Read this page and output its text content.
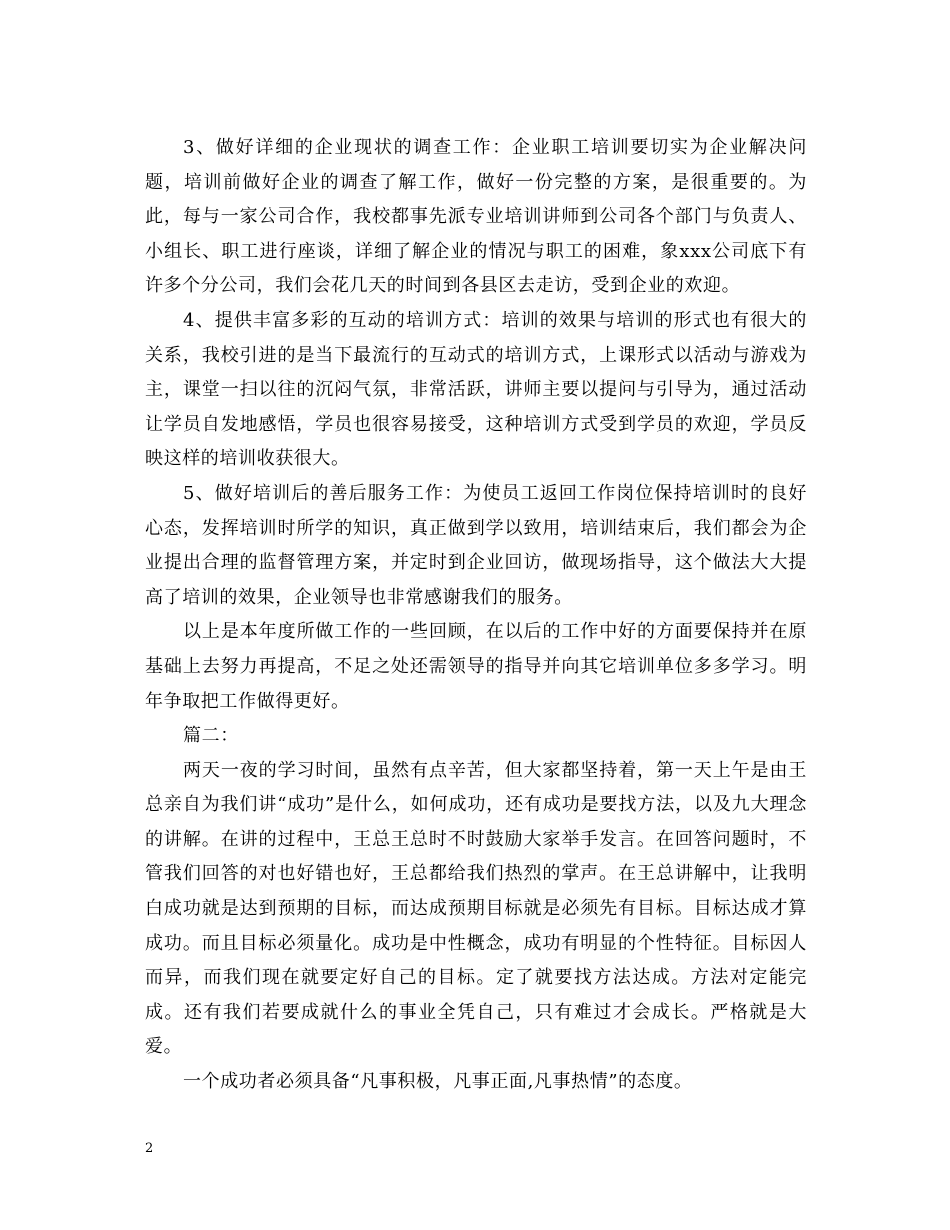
3、做好详细的企业现状的调查工作：企业职工培训要切实为企业解决问题，培训前做好企业的调查了解工作，做好一份完整的方案，是很重要的。为此，每与一家公司合作，我校都事先派专业培训讲师到公司各个部门与负责人、小组长、职工进行座谈，详细了解企业的情况与职工的困难，象xxx公司底下有许多个分公司，我们会花几天的时间到各县区去走访，受到企业的欢迎。

4、提供丰富多彩的互动的培训方式：培训的效果与培训的形式也有很大的关系，我校引进的是当下最流行的互动式的培训方式，上课形式以活动与游戏为主，课堂一扫以往的沉闷气氛，非常活跃，讲师主要以提问与引导为，通过活动让学员自发地感悟，学员也很容易接受，这种培训方式受到学员的欢迎，学员反映这样的培训收获很大。

5、做好培训后的善后服务工作：为使员工返回工作岗位保持培训时的良好心态，发挥培训时所学的知识，真正做到学以致用，培训结束后，我们都会为企业提出合理的监督管理方案，并定时到企业回访，做现场指导，这个做法大大提高了培训的效果，企业领导也非常感谢我们的服务。

以上是本年度所做工作的一些回顾，在以后的工作中好的方面要保持并在原基础上去努力再提高，不足之处还需领导的指导并向其它培训单位多多学习。明年争取把工作做得更好。

篇二：

两天一夜的学习时间，虽然有点辛苦，但大家都坚持着，第一天上午是由王总亲自为我们讲“成功”是什么，如何成功，还有成功是要找方法，以及九大理念的讲解。在讲的过程中，王总王总时不时鼓励大家举手发言。在回答问题时，不管我们回答的对也好错也好，王总都给我们热烈的掌声。在王总讲解中，让我明白成功就是达到预期的目标，而达成预期目标就是必须先有目标。目标达成才算成功。而且目标必须量化。成功是中性概念，成功有明显的个性特征。目标因人而异，而我们现在就要定好自己的目标。定了就要找方法达成。方法对定能完成。还有我们若要成就什么的事业全凭自己，只有难过才会成长。严格就是大爱。

一个成功者必须具备“凡事积极，凡事正面,凡事热情”的态度。

2
